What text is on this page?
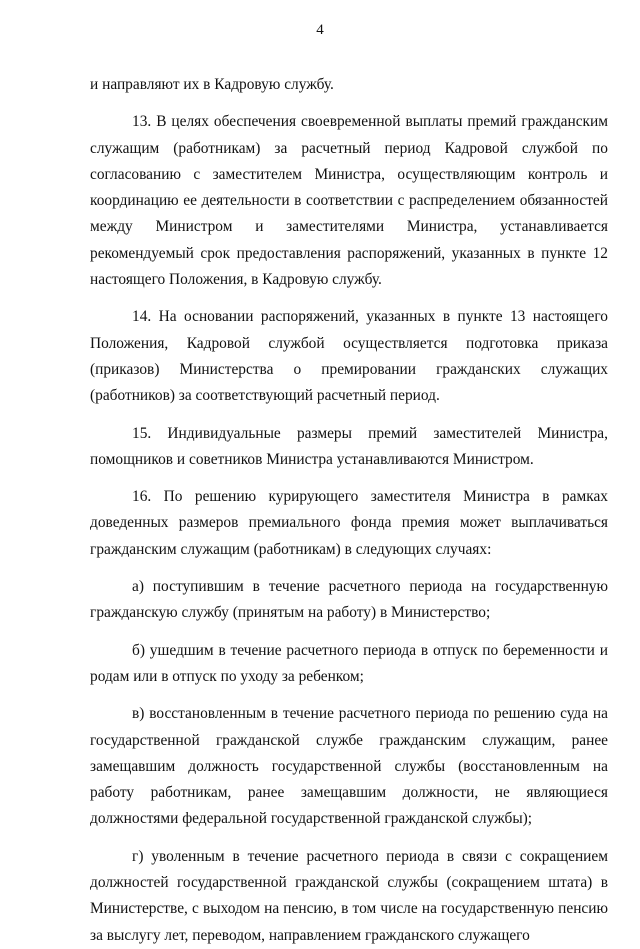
4

и направляют их в Кадровую службу.

13. В целях обеспечения своевременной выплаты премий гражданским служащим (работникам) за расчетный период Кадровой службой по согласованию с заместителем Министра, осуществляющим контроль и координацию ее деятельности в соответствии с распределением обязанностей между Министром и заместителями Министра, устанавливается рекомендуемый срок предоставления распоряжений, указанных в пункте 12 настоящего Положения, в Кадровую службу.

14. На основании распоряжений, указанных в пункте 13 настоящего Положения, Кадровой службой осуществляется подготовка приказа (приказов) Министерства о премировании гражданских служащих (работников) за соответствующий расчетный период.

15. Индивидуальные размеры премий заместителей Министра, помощников и советников Министра устанавливаются Министром.

16. По решению курирующего заместителя Министра в рамках доведенных размеров премиального фонда премия может выплачиваться гражданским служащим (работникам) в следующих случаях:

а) поступившим в течение расчетного периода на государственную гражданскую службу (принятым на работу) в Министерство;

б) ушедшим в течение расчетного периода в отпуск по беременности и родам или в отпуск по уходу за ребенком;

в) восстановленным в течение расчетного периода по решению суда на государственной гражданской службе гражданским служащим, ранее замещавшим должность государственной службы (восстановленным на работу работникам, ранее замещавшим должности, не являющиеся должностями федеральной государственной гражданской службы);

г) уволенным в течение расчетного периода в связи с сокращением должностей государственной гражданской службы (сокращением штата) в Министерстве, с выходом на пенсию, в том числе на государственную пенсию за выслугу лет, переводом, направлением гражданского служащего
